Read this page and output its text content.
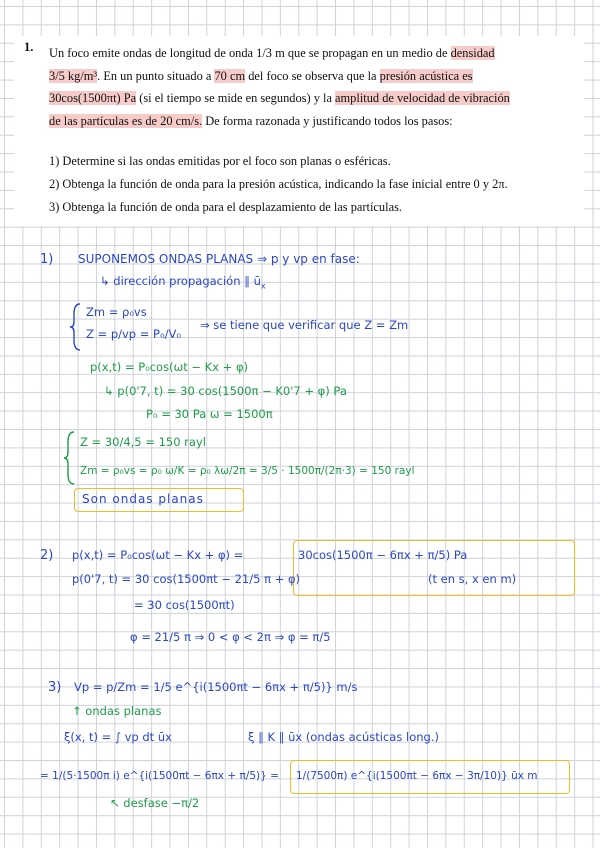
1.	Un foco emite ondas de longitud de onda 1/3 m que se propagan en un medio de densidad

3/5 kg/m³. En un punto situado a 70 cm del foco se observa que la presión acústica es

30cos(1500πt) Pa (si el tiempo se mide en segundos) y la amplitud de velocidad de vibración

de las partículas es de 20 cm/s. De forma razonada y justificando todos los pasos:

1) Determine si las ondas emitidas por el foco son planas o esféricas.
2) Obtenga la función de onda para la presión acústica, indicando la fase inicial entre 0 y 2π.
3) Obtenga la función de onda para el desplazamiento de las partículas.
1) SUPONEMOS ONDAS PLANAS ⇒ p y vp en fase:
↳ dirección propagación ∥ $ū_x$
Zm = ρ₀vs
Z = p/vp = P₀/V₀
⇒ se tiene que verificar que Z = Zm
p(x,t) = P₀cos(ωt − Kx + φ)
↳ p(0'7, t) = 30 cos(1500π − K0'7 + φ) Pa
P₀ = 30 Pa ω = 1500π
Z = 30/4,5 = 150 rayl
Zm = ρ₀vs = ρ₀ ω/K = ρ₀ λω/2π = 3/5 · 1500π/(2π·3) = 150 rayl
Son ondas planas
2) p(x,t) = P₀cos(ωt − Kx + φ) =	30cos(1500π − 6πx + π/5) Pa
(t en s, x en m)
p(0'7, t) = 30 cos(1500πt − 21/5 π + φ)
= 30 cos(1500πt)
φ = 21/5 π ⇒ 0 < φ < 2π ⇒ φ = π/5
3) Vp = p/Zm = 1/5 e^{i(1500πt − 6πx + π/5)} m/s
↑ ondas planas
ξ(x, t) = ∫ vp dt ūx	ξ ∥ K ∥ ūx (ondas acústicas long.)
= 1/(5·1500π i) e^{i(1500πt − 6πx + π/5)} = 1/(7500π) e^{i(1500πt − 6πx − 3π/10)} ūx m
↖ desfase −π/2
